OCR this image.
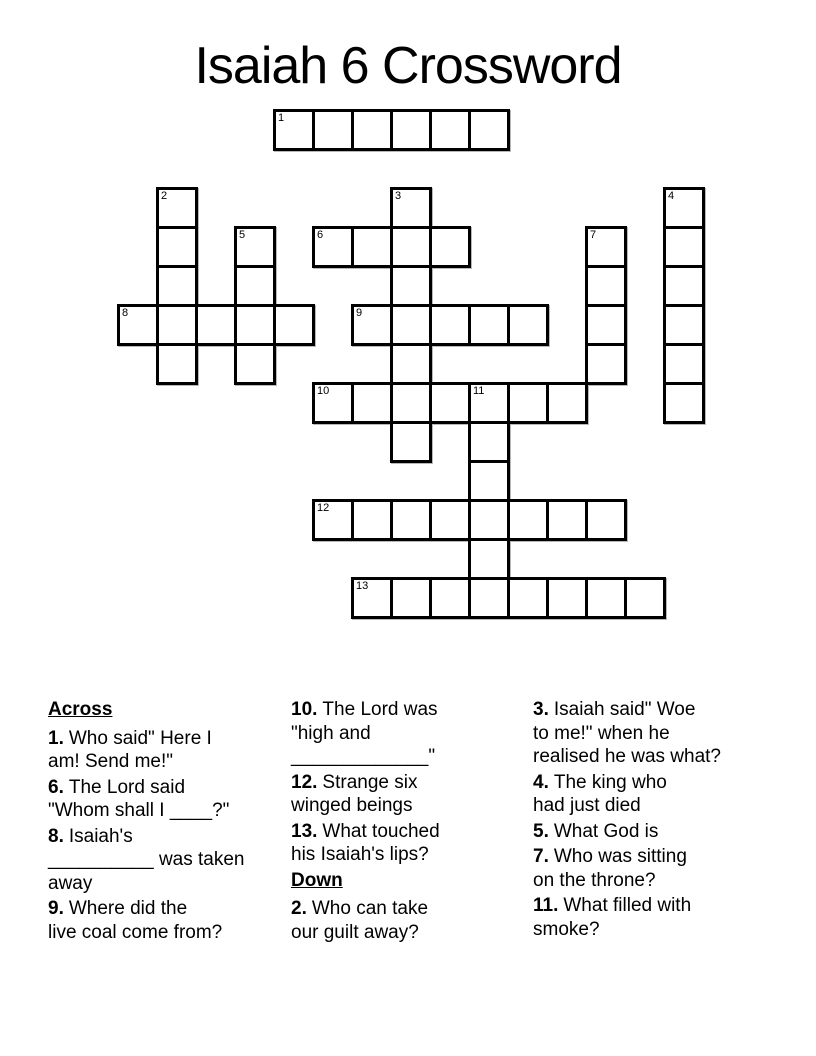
Isaiah 6 Crossword
1
2	3	4
5	6	7
8	9
10	11
12
13
Across
1. Who said" Here I
am! Send me!"
6. The Lord said
"Whom shall I ____?"
8. Isaiah's
__________ was taken
away
9. Where did the
live coal come from?
10. The Lord was
"high and
_____________"
12. Strange six
winged beings
13. What touched
his Isaiah's lips?
Down
2. Who can take
our guilt away?
3. Isaiah said" Woe
to me!" when he
realised he was what?
4. The king who
had just died
5. What God is
7. Who was sitting
on the throne?
11. What filled with
smoke?
